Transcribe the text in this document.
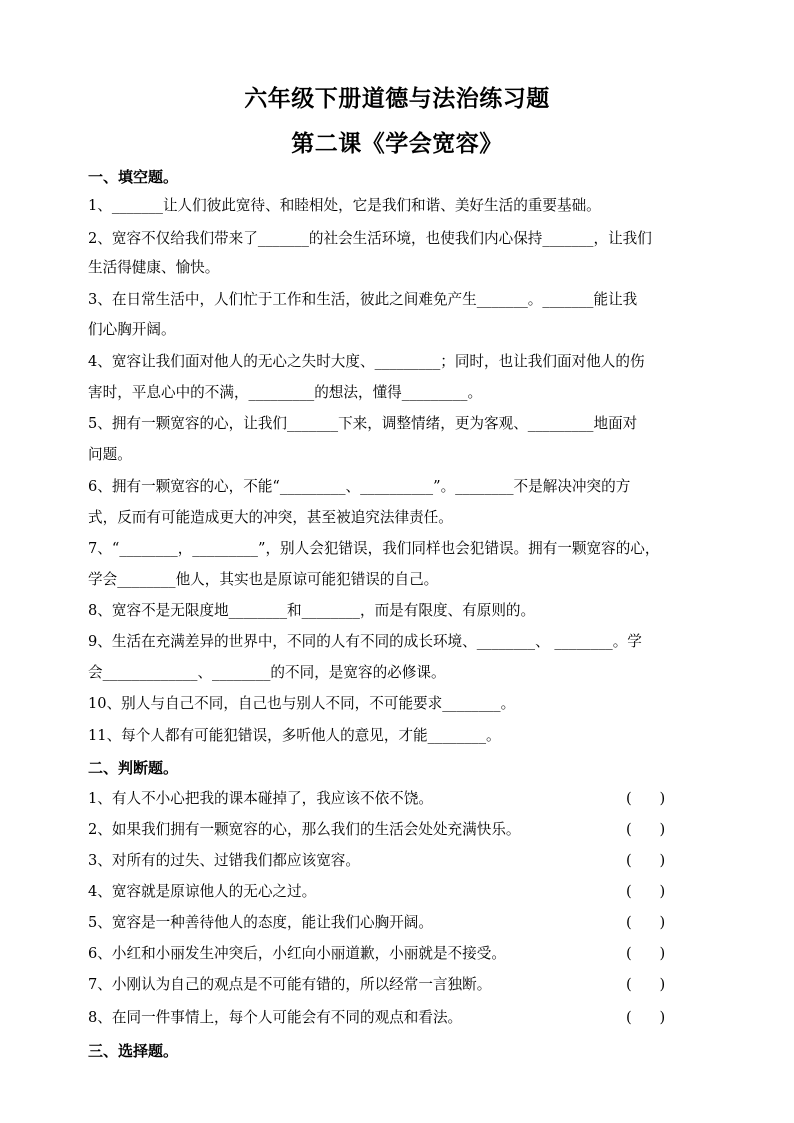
六年级下册道德与法治练习题
第二课《学会宽容》
一、填空题。
1、_______让人们彼此宽待、和睦相处，它是我们和谐、美好生活的重要基础。
2、宽容不仅给我们带来了_______的社会生活环境，也使我们内心保持_______，让我们
生活得健康、愉快。
3、在日常生活中，人们忙于工作和生活，彼此之间难免产生_______。_______能让我
们心胸开阔。
4、宽容让我们面对他人的无心之失时大度、_________；同时，也让我们面对他人的伤
害时，平息心中的不满，_________的想法，懂得_________。
5、拥有一颗宽容的心，让我们_______下来，调整情绪，更为客观、_________地面对
问题。
6、拥有一颗宽容的心，不能“_________、__________”。________不是解决冲突的方
式，反而有可能造成更大的冲突，甚至被追究法律责任。
7、“________，_________”，别人会犯错误，我们同样也会犯错误。拥有一颗宽容的心，
学会________他人，其实也是原谅可能犯错误的自己。
8、宽容不是无限度地________和________，而是有限度、有原则的。
9、生活在充满差异的世界中，不同的人有不同的成长环境、________、 ________。学
会_____________、________的不同，是宽容的必修课。
10、别人与自己不同，自己也与别人不同，不可能要求________。
11、每个人都有可能犯错误，多听他人的意见，才能________。
二、判断题。
1、有人不小心把我的课本碰掉了，我应该不依不饶。	(      )
2、如果我们拥有一颗宽容的心，那么我们的生活会处处充满快乐。	(      )
3、对所有的过失、过错我们都应该宽容。	(      )
4、宽容就是原谅他人的无心之过。	(      )
5、宽容是一种善待他人的态度，能让我们心胸开阔。	(      )
6、小红和小丽发生冲突后，小红向小丽道歉，小丽就是不接受。	(      )
7、小刚认为自己的观点是不可能有错的，所以经常一言独断。	(      )
8、在同一件事情上，每个人可能会有不同的观点和看法。	(      )
三、选择题。
